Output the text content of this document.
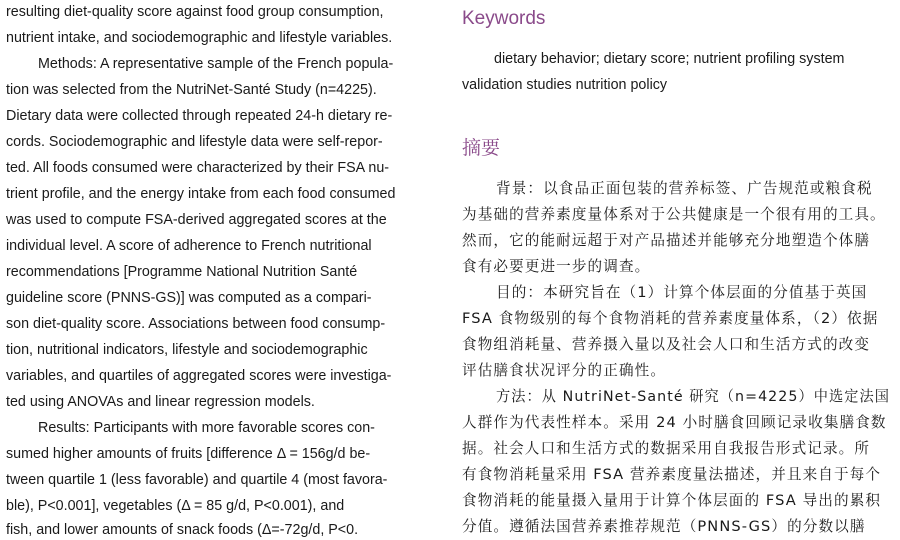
resulting diet-quality score against food group consumption,
nutrient intake, and sociodemographic and lifestyle variables.
Methods: A representative sample of the French popula-
tion was selected from the NutriNet-Santé Study (n=4225).
Dietary data were collected through repeated 24-h dietary re-
cords. Sociodemographic and lifestyle data were self-repor-
ted. All foods consumed were characterized by their FSA nu-
trient profile, and the energy intake from each food consumed
was used to compute FSA-derived aggregated scores at the
individual level. A score of adherence to French nutritional
recommendations [Programme National Nutrition Santé
guideline score (PNNS-GS)] was computed as a compari-
son diet-quality score. Associations between food consump-
tion, nutritional indicators, lifestyle and sociodemographic
variables, and quartiles of aggregated scores were investiga-
ted using ANOVAs and linear regression models.
Results: Participants with more favorable scores con-
sumed higher amounts of fruits [difference Δ = 156g/d be-
tween quartile 1 (less favorable) and quartile 4 (most favora-
ble), P<0.001], vegetables (Δ = 85 g/d, P<0.001), and
fish, and lower amounts of snack foods (Δ=-72g/d, P<0.
Keywords
dietary behavior; dietary score; nutrient profiling system
validation studies nutrition policy
摘要
背景：以食品正面包装的营养标签、广告规范或粮食税
为基础的营养素度量体系对于公共健康是一个很有用的工具。
然而，它的能耐远超于对产品描述并能够充分地塑造个体膳
食有必要更进一步的调查。
目的：本研究旨在（1）计算个体层面的分值基于英国
FSA 食物级别的每个食物消耗的营养素度量体系，（2）依据
食物组消耗量、营养摄入量以及社会人口和生活方式的改变
评估膳食状况评分的正确性。
方法：从 NutriNet-Santé 研究（n=4225）中选定法国
人群作为代表性样本。采用 24 小时膳食回顾记录收集膳食数
据。社会人口和生活方式的数据采用自我报告形式记录。所
有食物消耗量采用 FSA 营养素度量法描述，并且来自于每个
食物消耗的能量摄入量用于计算个体层面的 FSA 导出的累积
分值。遵循法国营养素推荐规范（PNNS-GS）的分数以膳
